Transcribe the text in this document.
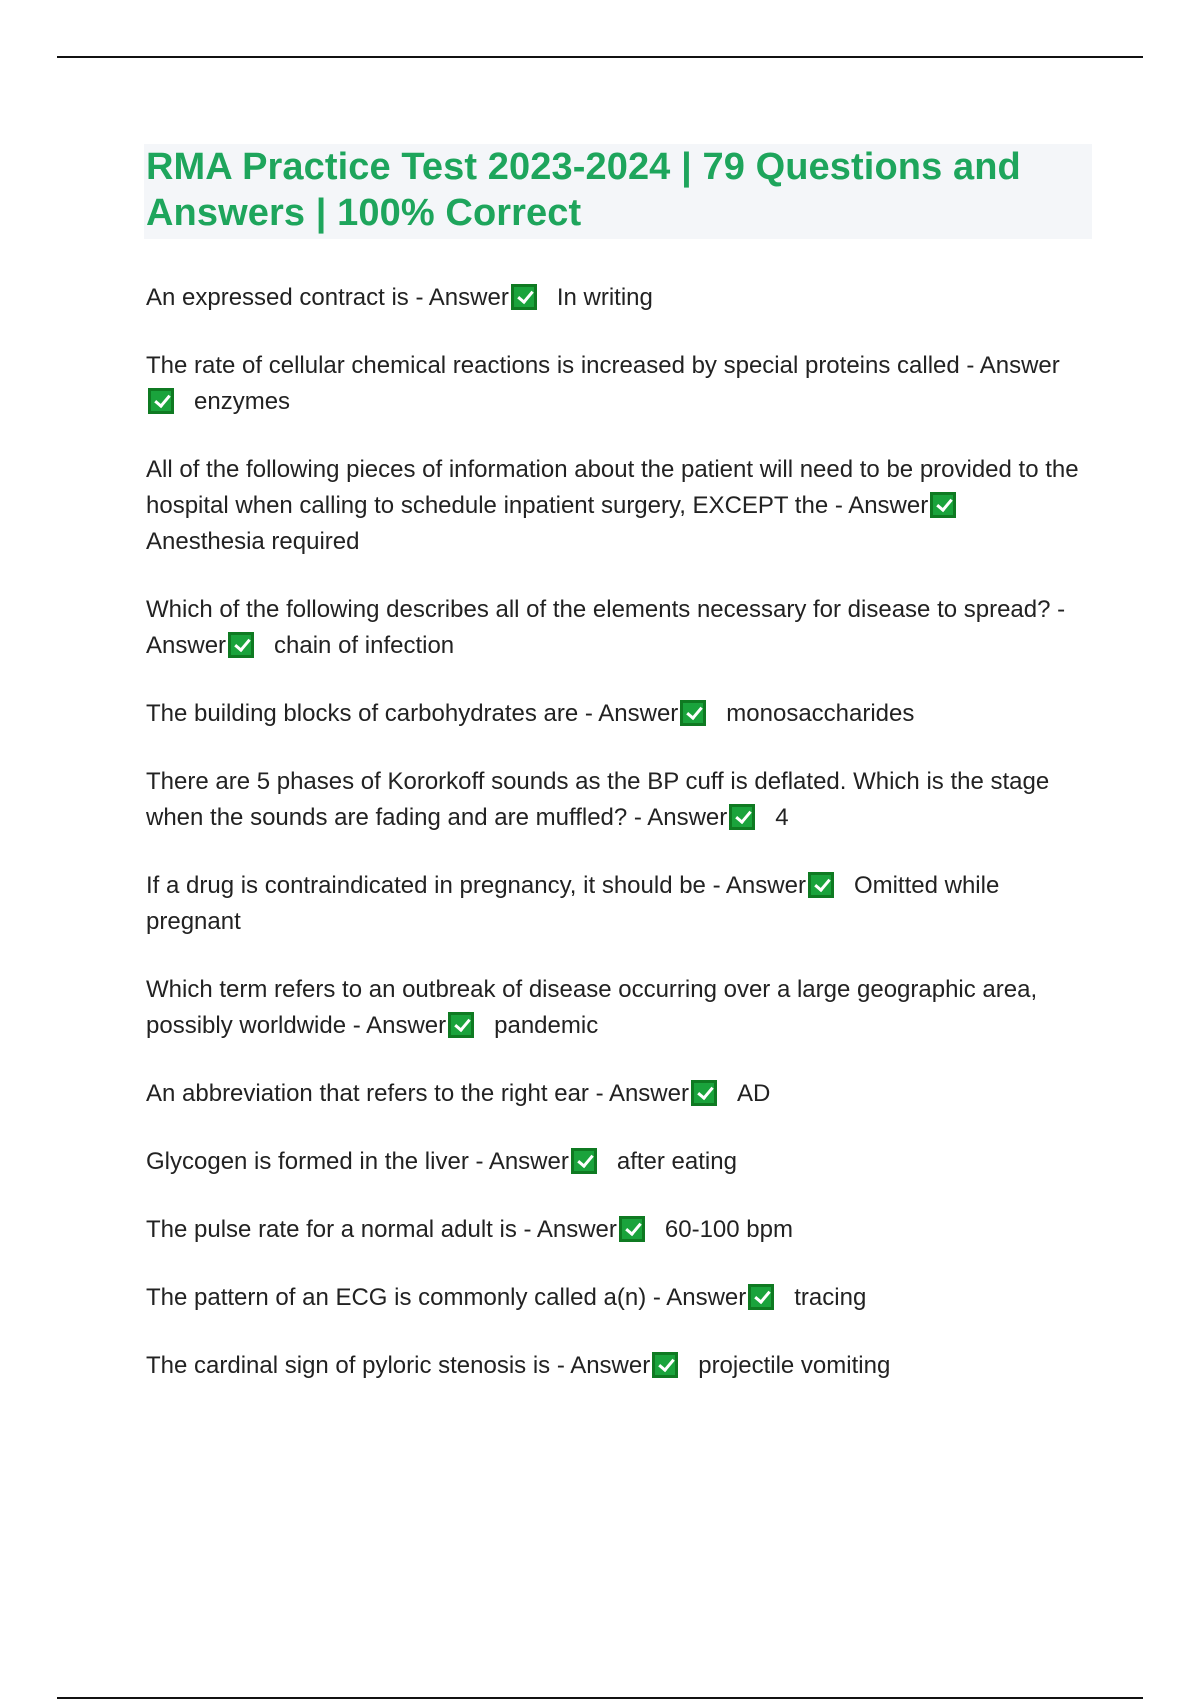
RMA Practice Test 2023-2024 | 79 Questions and Answers | 100% Correct

An expressed contract is - Answer In writing

The rate of cellular chemical reactions is increased by special proteins called - Answerenzymes

All of the following pieces of information about the patient will need to be provided to the hospital when calling to schedule inpatient surgery, EXCEPT the - AnswerAnesthesia required

Which of the following describes all of the elements necessary for disease to spread? - Answer chain of infection

The building blocks of carbohydrates are - Answer monosaccharides

There are 5 phases of Kororkoff sounds as the BP cuff is deflated. Which is the stage when the sounds are fading and are muffled? - Answer 4

If a drug is contraindicated in pregnancy, it should be - Answer Omitted while pregnant

Which term refers to an outbreak of disease occurring over a large geographic area, possibly worldwide - Answer pandemic

An abbreviation that refers to the right ear - Answer AD

Glycogen is formed in the liver - Answer after eating

The pulse rate for a normal adult is - Answer 60-100 bpm

The pattern of an ECG is commonly called a(n) - Answer tracing

The cardinal sign of pyloric stenosis is - Answer projectile vomiting
